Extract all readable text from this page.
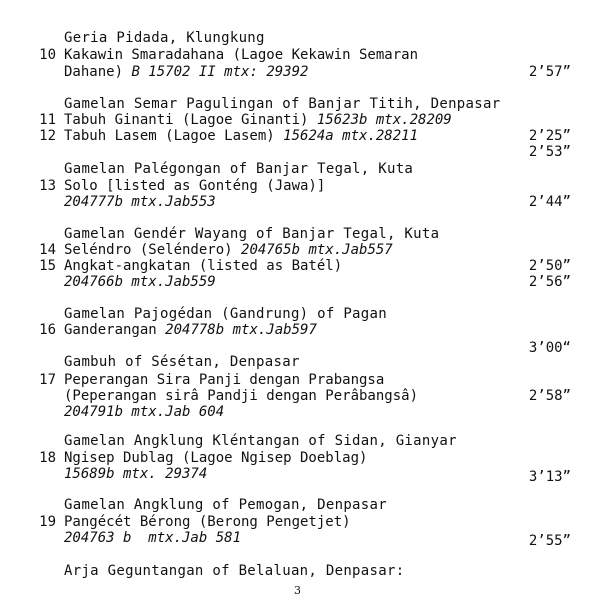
Geria Pidada, Klungkung
10 Kakawin Smaradahana (Lagoe Kekawin Semaran
Dahane) B 15702 II mtx: 29392	2’57”
Gamelan Semar Pagulingan of Banjar Titih, Denpasar
11 Tabuh Ginanti (Lagoe Ginanti) 15623b mtx.28209
12 Tabuh Lasem (Lagoe Lasem) 15624a mtx.28211	2’25”
2’53”
Gamelan Palégongan of Banjar Tegal, Kuta
13 Solo [listed as Gonténg (Jawa)]
204777b mtx.Jab553	2’44”
Gamelan Gendér Wayang of Banjar Tegal, Kuta
14 Seléndro (Seléndero) 204765b mtx.Jab557
15 Angkat-angkatan (listed as Batél)	2’50”
204766b mtx.Jab559	2’56”
Gamelan Pajogédan (Gandrung) of Pagan
16 Ganderangan 204778b mtx.Jab597
3’00“
Gambuh of Sésétan, Denpasar
17 Peperangan Sira Panji dengan Prabangsa
(Peperangan sirâ Pandji dengan Perâbangsâ)	2’58”
204791b mtx.Jab 604
Gamelan Angklung Kléntangan of Sidan, Gianyar
18 Ngisep Dublag (Lagoe Ngisep Doeblag)
15689b mtx. 29374	3’13”
Gamelan Angklung of Pemogan, Denpasar
19 Pangécét Bérong (Berong Pengetjet)
204763 b  mtx.Jab 581	2’55”
Arja Geguntangan of Belaluan, Denpasar:
3
